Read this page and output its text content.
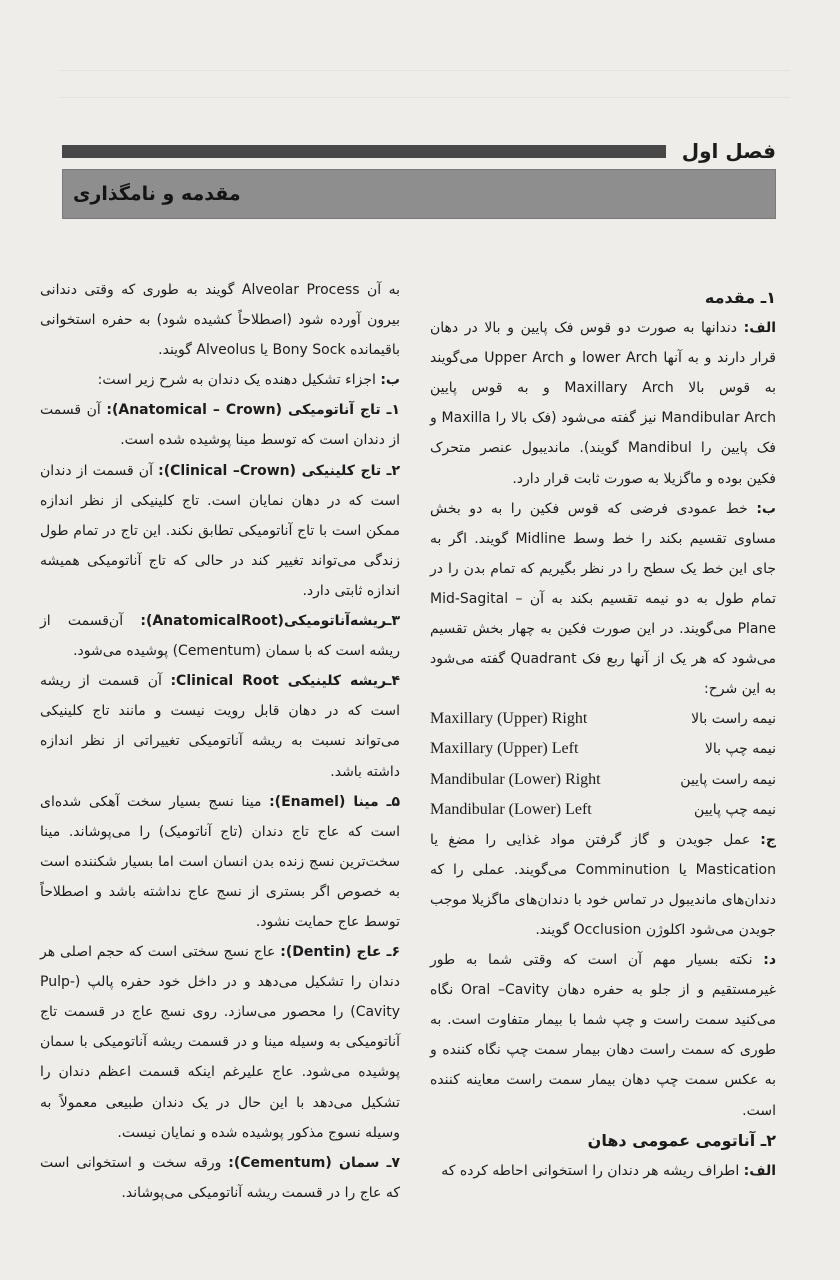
فصل اول
مقدمه و نامگذاری

۱ـ مقدمه

الف: دندانها به صورت دو قوس فک پایین و بالا در دهان قرار دارند و به آنها lower Arch و Upper Arch می‌گویند به قوس بالا Maxillary Arch و به قوس پایین Mandibular Arch نیز گفته می‌شود (فک بالا را Maxilla و فک پایین را Mandibul گویند). ماندیبول عنصر متحرک فکین بوده و ماگزیلا به صورت ثابت قرار دارد.

ب: خط عمودی فرضی که قوس فکین را به دو بخش مساوی تقسیم بکند را خط وسط Midline گویند. اگر به جای این خط یک سطح را در نظر بگیریم که تمام بدن را در تمام طول به دو نیمه تقسیم بکند به آن Mid-Sagital – Plane می‌گویند. در این صورت فکین به چهار بخش تقسیم می‌شود که هر یک از آنها ربع فک Quadrant گفته می‌شود به این شرح:

Maxillary (Upper) Right	نیمه راست بالا
Maxillary (Upper) Left	نیمه چپ بالا
Mandibular (Lower) Right	نیمه راست پایین
Mandibular (Lower) Left	نیمه چپ پایین

ج: عمل جویدن و گاز گرفتن مواد غذایی را مضغ یا Mastication یا Comminution می‌گویند. عملی را که دندان‌های ماندیبول در تماس خود با دندان‌های ماگزیلا موجب جویدن می‌شود اکلوژن Occlusion گویند.

د: نکته بسیار مهم آن است که وقتی شما به طور غیرمستقیم و از جلو به حفره دهان Oral –Cavity نگاه می‌کنید سمت راست و چپ شما با بیمار متفاوت است. به طوری که سمت راست دهان بیمار سمت چپ نگاه کننده و به عکس سمت چپ دهان بیمار سمت راست معاینه کننده است.

۲ـ آناتومی عمومی دهان

الف: اطراف ریشه هر دندان را استخوانی احاطه کرده که

به آن Alveolar Process گویند به طوری که وقتی دندانی بیرون آورده شود (اصطلاحاً کشیده شود) به حفره استخوانی باقیمانده Bony Sock یا Alveolus گویند.

ب: اجزاء تشکیل دهنده یک دندان به شرح زیر است:

۱ـ تاج آناتومیکی (Anatomical – Crown): آن قسمت از دندان است که توسط مینا پوشیده شده است.

۲ـ تاج کلینیکی (Clinical –Crown): آن قسمت از دندان است که در دهان نمایان است. تاج کلینیکی از نظر اندازه ممکن است با تاج آناتومیکی تطابق نکند. این تاج در تمام طول زندگی می‌تواند تغییر کند در حالی که تاج آناتومیکی همیشه اندازه ثابتی دارد.

۳ـریشه‌آناتومیکی(AnatomicalRoot): آن‌قسمت از ریشه است که با سمان (Cementum) پوشیده می‌شود.

۴ـریشه کلینیکی Clinical Root: آن قسمت از ریشه است که در دهان قابل رویت نیست و مانند تاج کلینیکی می‌تواند نسبت به ریشه آناتومیکی تغییراتی از نظر اندازه داشته باشد.

۵ـ مینا (Enamel): مینا نسج بسیار سخت آهکی شده‌ای است که عاج تاج دندان (تاج آناتومیک) را می‌پوشاند. مینا سخت‌ترین نسج زنده بدن انسان است اما بسیار شکننده است به خصوص اگر بستری از نسج عاج نداشته باشد و اصطلاحاً توسط عاج حمایت نشود.

۶ـ عاج (Dentin): عاج نسج سختی است که حجم اصلی هر دندان را تشکیل می‌دهد و در داخل خود حفره پالپ (Pulp-Cavity) را محصور می‌سازد. روی نسج عاج در قسمت تاج آناتومیکی به وسیله مینا و در قسمت ریشه آناتومیکی با سمان پوشیده می‌شود. عاج علیرغم اینکه قسمت اعظم دندان را تشکیل می‌دهد با این حال در یک دندان طبیعی معمولاً به وسیله نسوج مذکور پوشیده شده و نمایان نیست.

۷ـ سمان (Cementum): ورقه سخت و استخوانی است که عاج را در قسمت ریشه آناتومیکی می‌پوشاند.
